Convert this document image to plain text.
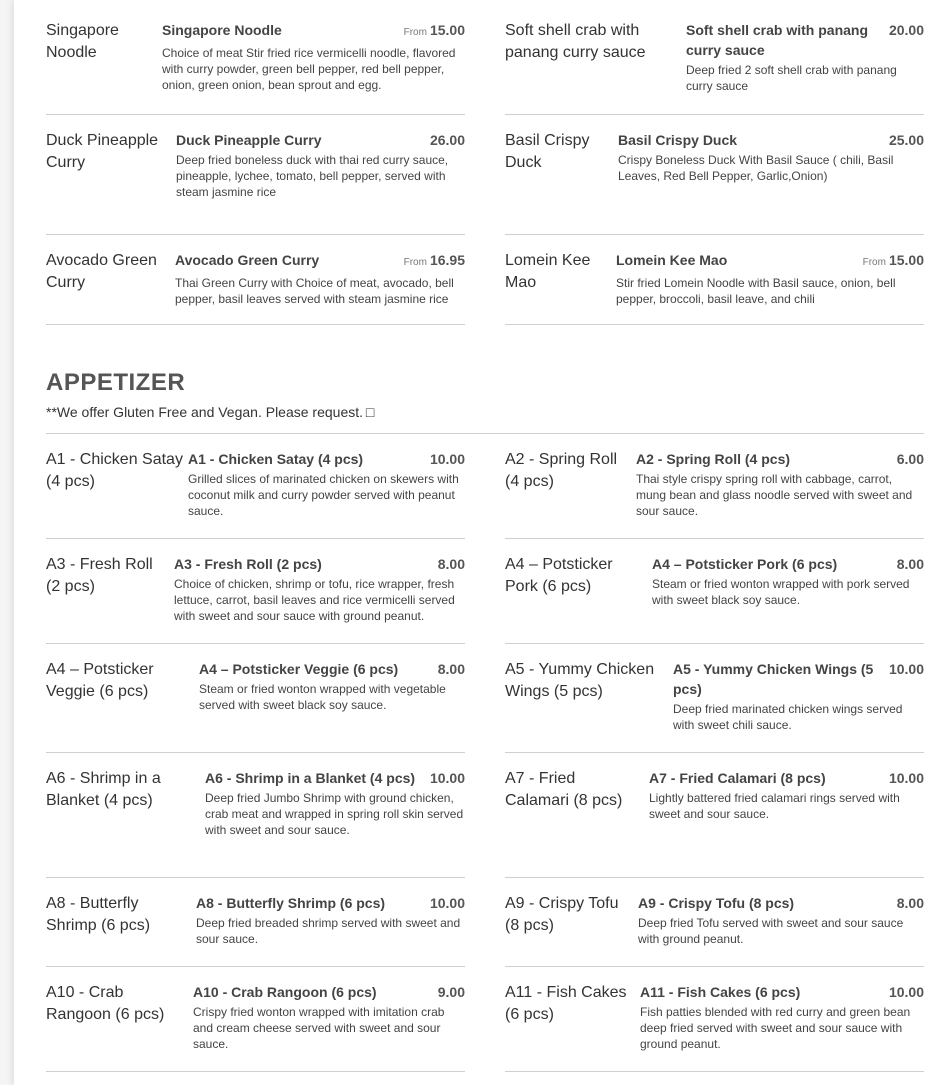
Singapore Noodle
Singapore Noodle	From 15.00
Choice of meat Stir fried rice vermicelli noodle, flavored with curry powder, green bell pepper, red bell pepper, onion, green onion, bean sprout and egg.
Soft shell crab with panang curry sauce
Soft shell crab with panang curry sauce
20.00
Deep fried 2 soft shell crab with panang curry sauce
Duck Pineapple Curry
Duck Pineapple Curry	26.00
Deep fried boneless duck with thai red curry sauce, pineapple, lychee, tomato, bell pepper, served with steam jasmine rice
Basil Crispy Duck
Basil Crispy Duck	25.00
Crispy Boneless Duck With Basil Sauce ( chili, Basil Leaves, Red Bell Pepper, Garlic,Onion)
Avocado Green Curry
Avocado Green Curry	From 16.95
Thai Green Curry with Choice of meat, avocado, bell pepper, basil leaves served with steam jasmine rice
Lomein Kee Mao
Lomein Kee Mao	From 15.00
Stir fried Lomein Noodle with Basil sauce, onion, bell pepper, broccoli, basil leave, and chili
APPETIZER
**We offer Gluten Free and Vegan. Please request. □
A1 - Chicken Satay (4 pcs)
A1 - Chicken Satay (4 pcs)	10.00
Grilled slices of marinated chicken on skewers with coconut milk and curry powder served with peanut sauce.
A2 - Spring Roll (4 pcs)
A2 - Spring Roll (4 pcs)	6.00
Thai style crispy spring roll with cabbage, carrot, mung bean and glass noodle served with sweet and sour sauce.
A3 - Fresh Roll (2 pcs)
A3 - Fresh Roll (2 pcs)	8.00
Choice of chicken, shrimp or tofu, rice wrapper, fresh lettuce, carrot, basil leaves and rice vermicelli served with sweet and sour sauce with ground peanut.
A4 – Potsticker Pork (6 pcs)
A4 – Potsticker Pork (6 pcs)	8.00
Steam or fried wonton wrapped with pork served with sweet black soy sauce.
A4 – Potsticker Veggie (6 pcs)
A4 – Potsticker Veggie (6 pcs)	8.00
Steam or fried wonton wrapped with vegetable served with sweet black soy sauce.
A5 - Yummy Chicken Wings (5 pcs)
A5 - Yummy Chicken Wings (5 pcs)
10.00
Deep fried marinated chicken wings served with sweet chili sauce.
A6 - Shrimp in a Blanket (4 pcs)
A6 - Shrimp in a Blanket (4 pcs) 10.00
Deep fried Jumbo Shrimp with ground chicken, crab meat and wrapped in spring roll skin served with sweet and sour sauce.
A7 - Fried Calamari (8 pcs)
A7 - Fried Calamari (8 pcs)	10.00
Lightly battered fried calamari rings served with sweet and sour sauce.
A8 - Butterfly Shrimp (6 pcs)
A8 - Butterfly Shrimp (6 pcs)	10.00
Deep fried breaded shrimp served with sweet and sour sauce.
A9 - Crispy Tofu (8 pcs)
A9 - Crispy Tofu (8 pcs)	8.00
Deep fried Tofu served with sweet and sour sauce with ground peanut.
A10 - Crab Rangoon (6 pcs)
A10 - Crab Rangoon (6 pcs)	9.00
Crispy fried wonton wrapped with imitation crab and cream cheese served with sweet and sour sauce.
A11 - Fish Cakes (6 pcs)
A11 - Fish Cakes (6 pcs)	10.00
Fish patties blended with red curry and green bean deep fried served with sweet and sour sauce with ground peanut.
